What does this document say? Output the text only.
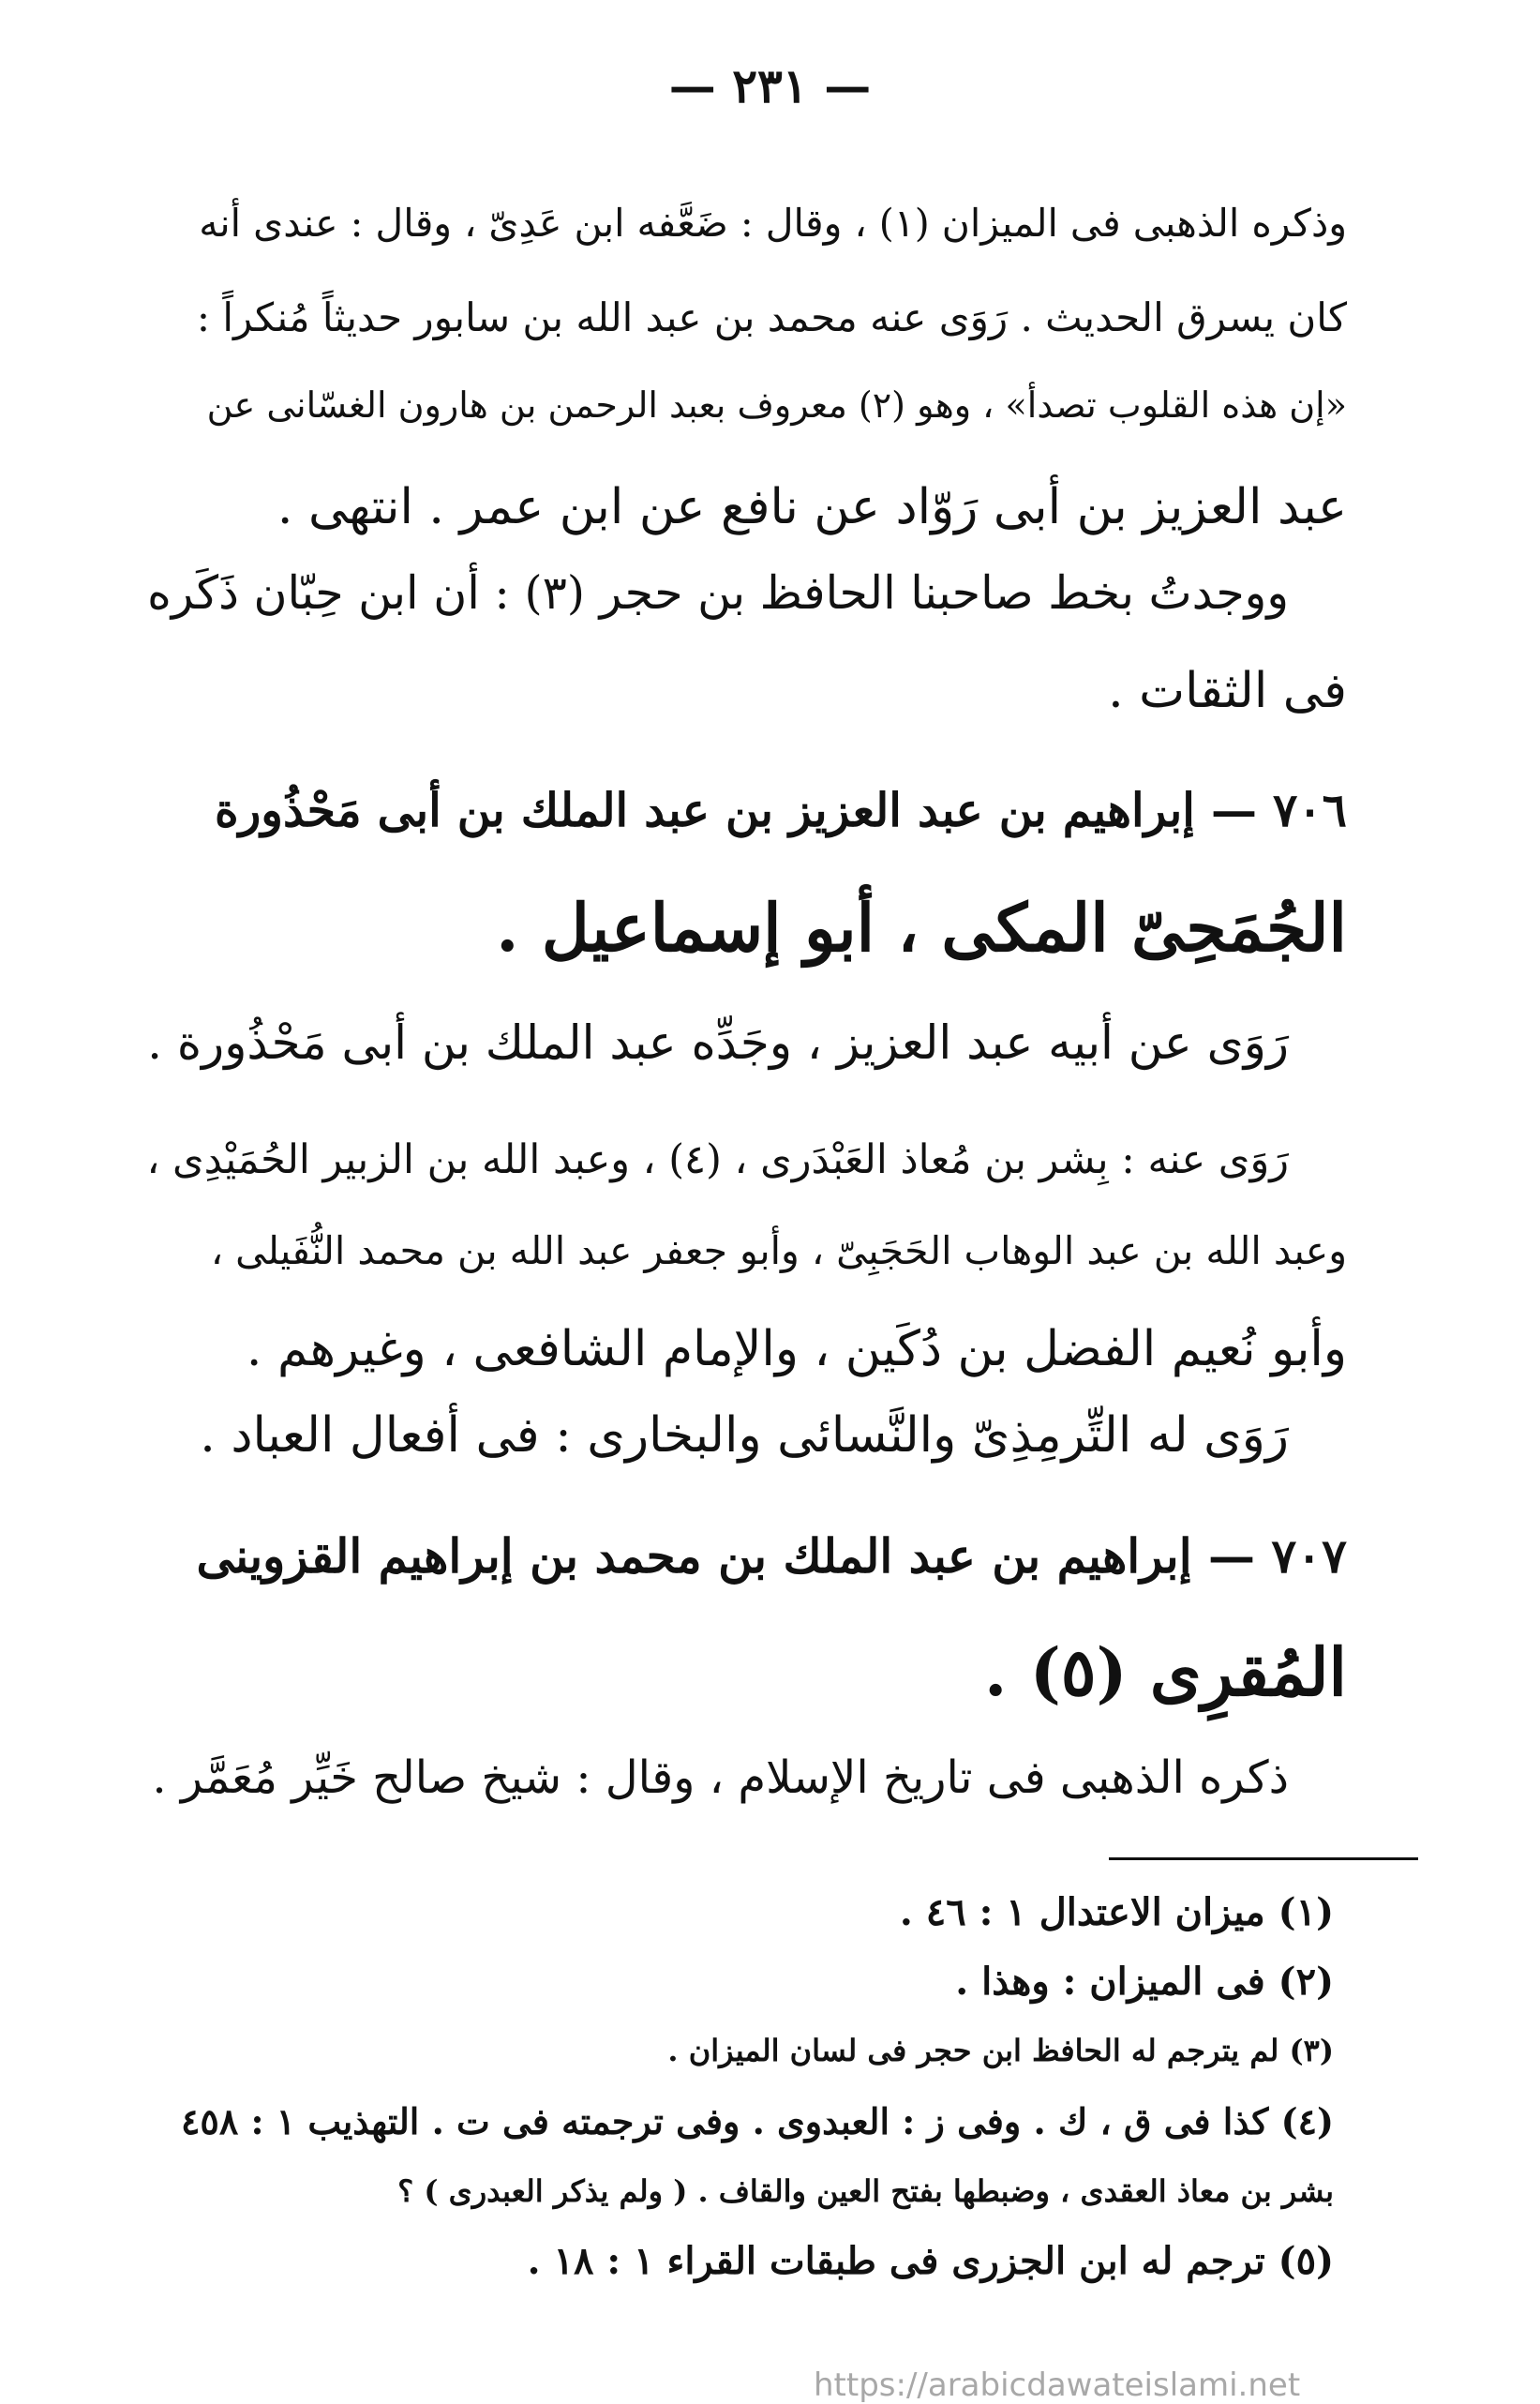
— ٢٣١ —
وذكره الذهبى فى الميزان (١) ، وقال : ضَعَّفه ابن عَدِىّ ، وقال : عندى أنه
كان يسرق الحديث . رَوَى عنه محمد بن عبد الله بن سابور حديثاً مُنكراً :
«إن هذه القلوب تصدأ» ، وهو (٢) معروف بعبد الرحمن بن هارون الغسّانى عن
عبد العزيز بن أبى رَوّاد عن نافع عن ابن عمر . انتهى .
ووجدتُ بخط صاحبنا الحافظ بن حجر (٣) : أن ابن حِبّان ذَكَره
فى الثقات .
٧٠٦ — إبراهيم بن عبد العزيز بن عبد الملك بن أبى مَحْذُورة
الجُمَحِىّ المكى ، أبو إسماعيل .
رَوَى عن أبيه عبد العزيز ، وجَدِّه عبد الملك بن أبى مَحْذُورة .
رَوَى عنه : بِشر بن مُعاذ العَبْدَرى ، (٤) ، وعبد الله بن الزبير الحُمَيْدِى ،
وعبد الله بن عبد الوهاب الحَجَبِىّ ، وأبو جعفر عبد الله بن محمد النُّفَيلى ،
وأبو نُعيم الفضل بن دُكَين ، والإمام الشافعى ، وغيرهم .
رَوَى له التِّرمِذِىّ والنَّسائى والبخارى : فى أفعال العباد .
٧٠٧ — إبراهيم بن عبد الملك بن محمد بن إبراهيم القزوينى
المُقرِى (٥) .
ذكره الذهبى فى تاريخ الإسلام ، وقال : شيخ صالح خَيِّر مُعَمَّر .
(١) ميزان الاعتدال ١ : ٤٦ .
(٢) فى الميزان : وهذا .
(٣) لم يترجم له الحافظ ابن حجر فى لسان الميزان .
(٤) كذا فى ق ، ك . وفى ز : العبدوى . وفى ترجمته فى ت . التهذيب ١ : ٤٥٨
بشر بن معاذ العقدى ، وضبطها بفتح العين والقاف . ( ولم يذكر العبدرى ) ؟
(٥) ترجم له ابن الجزرى فى طبقات القراء ١ : ١٨ .
https://arabicdawateislami.net
